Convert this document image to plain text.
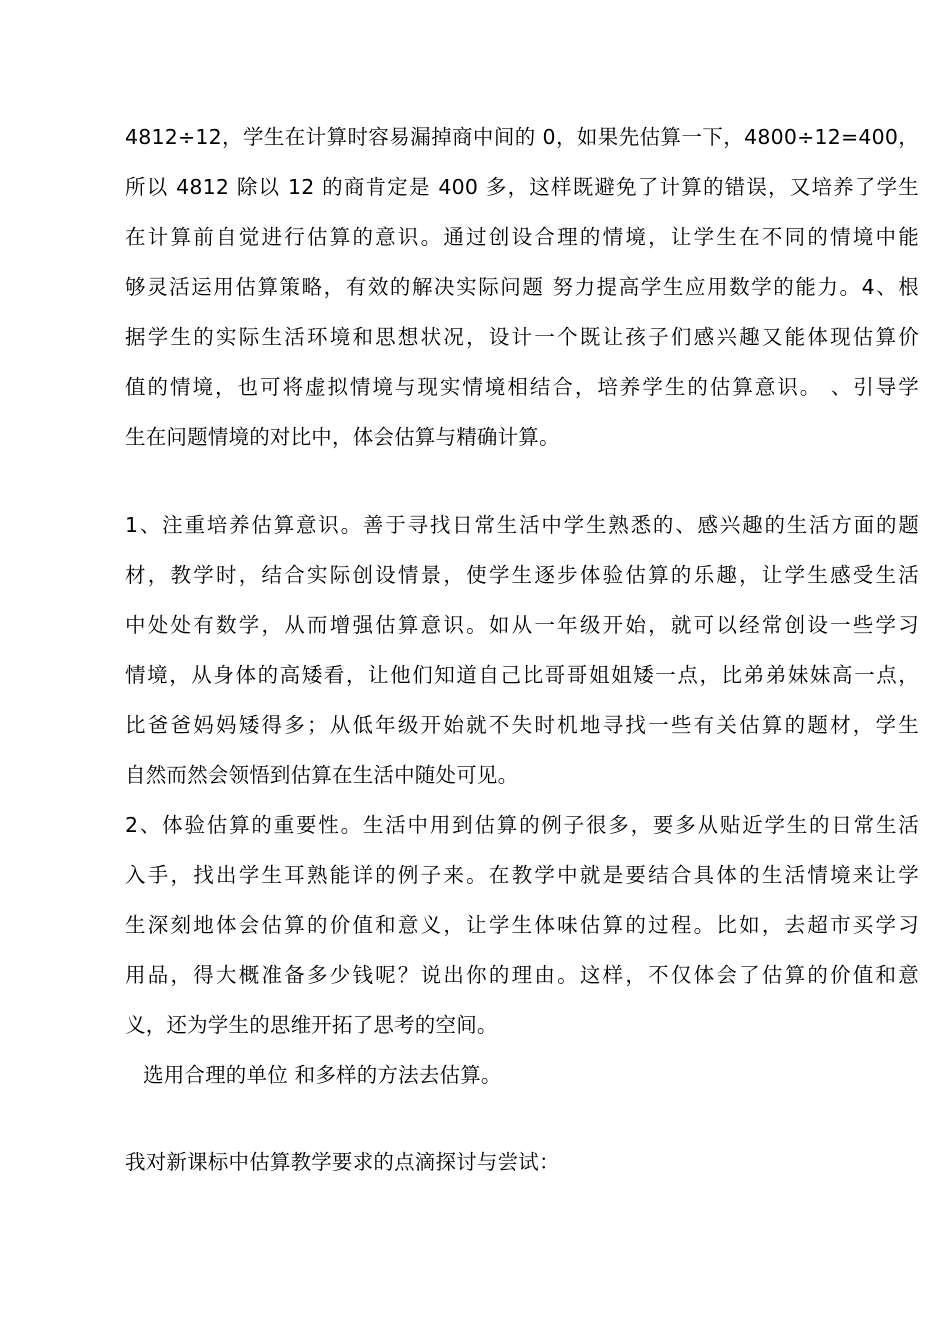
4812÷12，学生在计算时容易漏掉商中间的 0，如果先估算一下，4800÷12=400，
所以 4812 除以 12 的商肯定是 400 多，这样既避免了计算的错误，又培养了学生
在计算前自觉进行估算的意识。通过创设合理的情境，让学生在不同的情境中能
够灵活运用估算策略，有效的解决实际问题 努力提高学生应用数学的能力。4、根
据学生的实际生活环境和思想状况，设计一个既让孩子们感兴趣又能体现估算价
值的情境，也可将虚拟情境与现实情境相结合，培养学生的估算意识。 、引导学
生在问题情境的对比中，体会估算与精确计算。
1、注重培养估算意识。善于寻找日常生活中学生熟悉的、感兴趣的生活方面的题
材，教学时，结合实际创设情景，使学生逐步体验估算的乐趣，让学生感受生活
中处处有数学，从而增强估算意识。如从一年级开始，就可以经常创设一些学习
情境，从身体的高矮看，让他们知道自己比哥哥姐姐矮一点，比弟弟妹妹高一点，
比爸爸妈妈矮得多；从低年级开始就不失时机地寻找一些有关估算的题材，学生
自然而然会领悟到估算在生活中随处可见。
2、体验估算的重要性。生活中用到估算的例子很多，要多从贴近学生的日常生活
入手，找出学生耳熟能详的例子来。在教学中就是要结合具体的生活情境来让学
生深刻地体会估算的价值和意义，让学生体味估算的过程。比如，去超市买学习
用品，得大概准备多少钱呢？说出你的理由。这样，不仅体会了估算的价值和意
义，还为学生的思维开拓了思考的空间。
选用合理的单位 和多样的方法去估算。
我对新课标中估算教学要求的点滴探讨与尝试：
